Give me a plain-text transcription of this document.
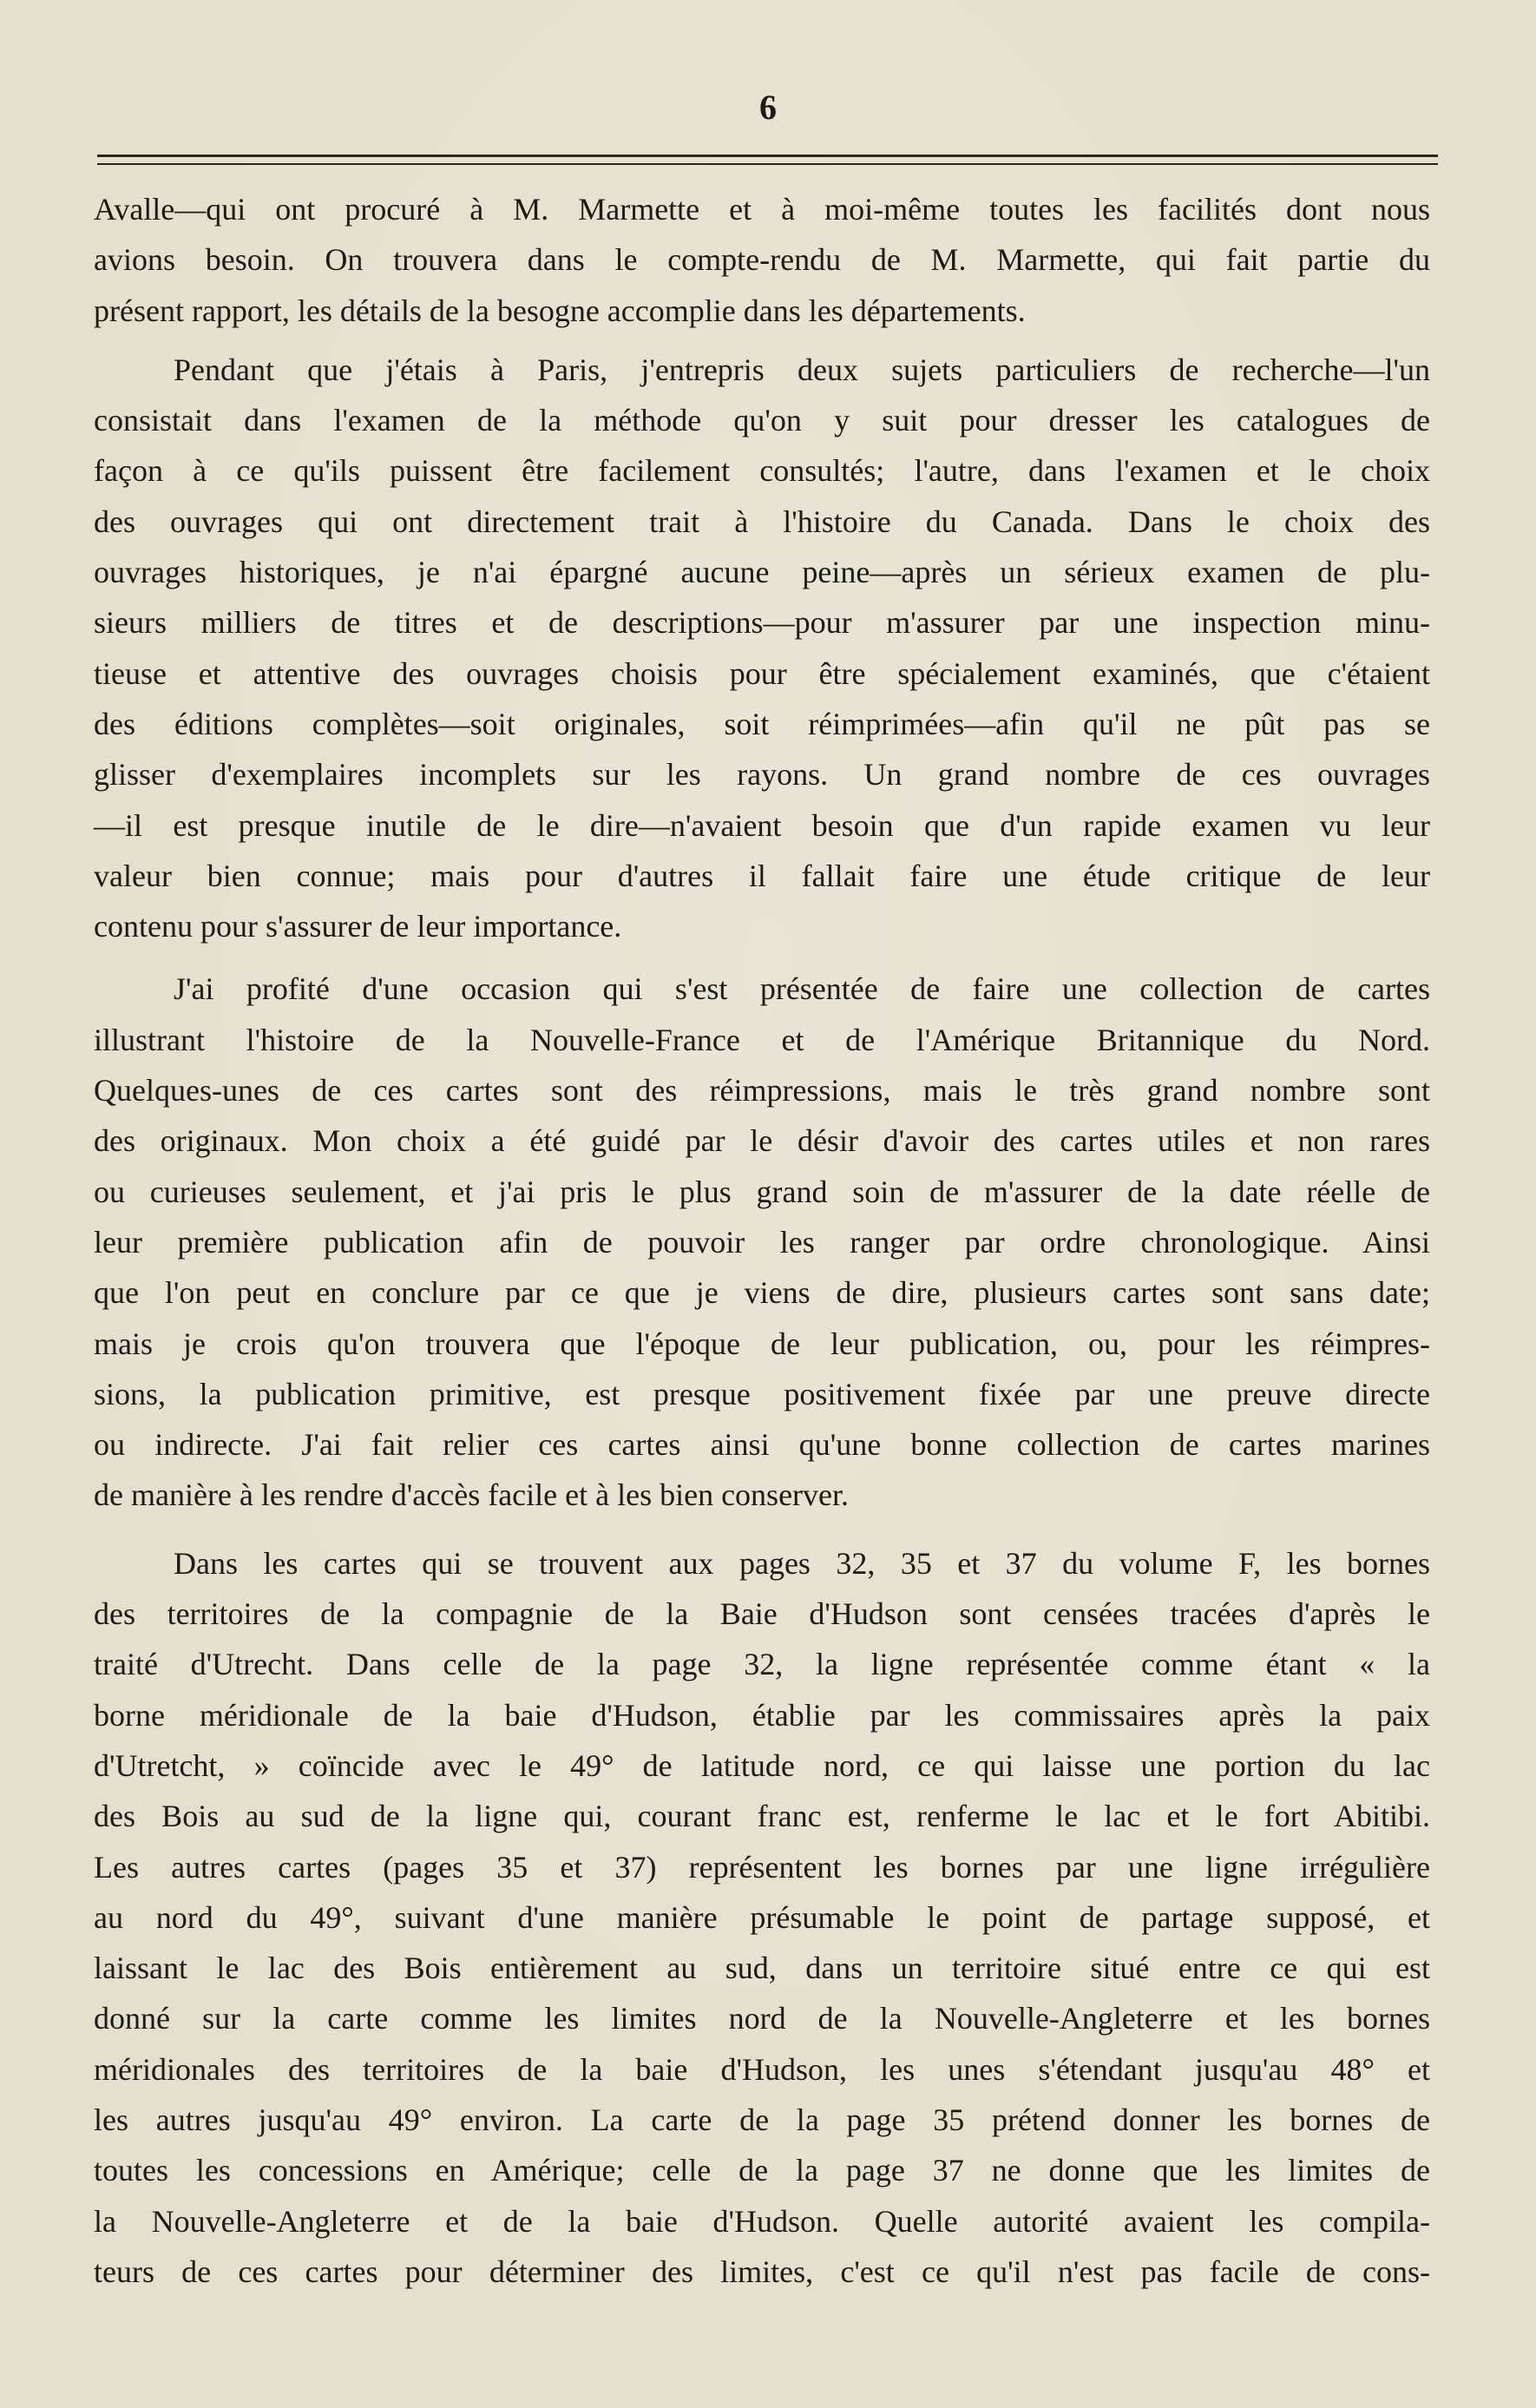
6
Avalle—qui ont procuré à M. Marmette et à moi-même toutes les facilités dont nous
avions besoin. On trouvera dans le compte-rendu de M. Marmette, qui fait partie du
présent rapport, les détails de la besogne accomplie dans les départements.
Pendant que j'étais à Paris, j'entrepris deux sujets particuliers de recherche—l'un
consistait dans l'examen de la méthode qu'on y suit pour dresser les catalogues de
façon à ce qu'ils puissent être facilement consultés; l'autre, dans l'examen et le choix
des ouvrages qui ont directement trait à l'histoire du Canada. Dans le choix des
ouvrages historiques, je n'ai épargné aucune peine—après un sérieux examen de plu-
sieurs milliers de titres et de descriptions—pour m'assurer par une inspection minu-
tieuse et attentive des ouvrages choisis pour être spécialement examinés, que c'étaient
des éditions complètes—soit originales, soit réimprimées—afin qu'il ne pût pas se
glisser d'exemplaires incomplets sur les rayons. Un grand nombre de ces ouvrages
—il est presque inutile de le dire—n'avaient besoin que d'un rapide examen vu leur
valeur bien connue; mais pour d'autres il fallait faire une étude critique de leur
contenu pour s'assurer de leur importance.
J'ai profité d'une occasion qui s'est présentée de faire une collection de cartes
illustrant l'histoire de la Nouvelle-France et de l'Amérique Britannique du Nord.
Quelques-unes de ces cartes sont des réimpressions, mais le très grand nombre sont
des originaux. Mon choix a été guidé par le désir d'avoir des cartes utiles et non rares
ou curieuses seulement, et j'ai pris le plus grand soin de m'assurer de la date réelle de
leur première publication afin de pouvoir les ranger par ordre chronologique. Ainsi
que l'on peut en conclure par ce que je viens de dire, plusieurs cartes sont sans date;
mais je crois qu'on trouvera que l'époque de leur publication, ou, pour les réimpres-
sions, la publication primitive, est presque positivement fixée par une preuve directe
ou indirecte. J'ai fait relier ces cartes ainsi qu'une bonne collection de cartes marines
de manière à les rendre d'accès facile et à les bien conserver.
Dans les cartes qui se trouvent aux pages 32, 35 et 37 du volume F, les bornes
des territoires de la compagnie de la Baie d'Hudson sont censées tracées d'après le
traité d'Utrecht. Dans celle de la page 32, la ligne représentée comme étant « la
borne méridionale de la baie d'Hudson, établie par les commissaires après la paix
d'Utretcht, » coïncide avec le 49° de latitude nord, ce qui laisse une portion du lac
des Bois au sud de la ligne qui, courant franc est, renferme le lac et le fort Abitibi.
Les autres cartes (pages 35 et 37) représentent les bornes par une ligne irrégulière
au nord du 49°, suivant d'une manière présumable le point de partage supposé, et
laissant le lac des Bois entièrement au sud, dans un territoire situé entre ce qui est
donné sur la carte comme les limites nord de la Nouvelle-Angleterre et les bornes
méridionales des territoires de la baie d'Hudson, les unes s'étendant jusqu'au 48° et
les autres jusqu'au 49° environ. La carte de la page 35 prétend donner les bornes de
toutes les concessions en Amérique; celle de la page 37 ne donne que les limites de
la Nouvelle-Angleterre et de la baie d'Hudson. Quelle autorité avaient les compila-
teurs de ces cartes pour déterminer des limites, c'est ce qu'il n'est pas facile de cons-
